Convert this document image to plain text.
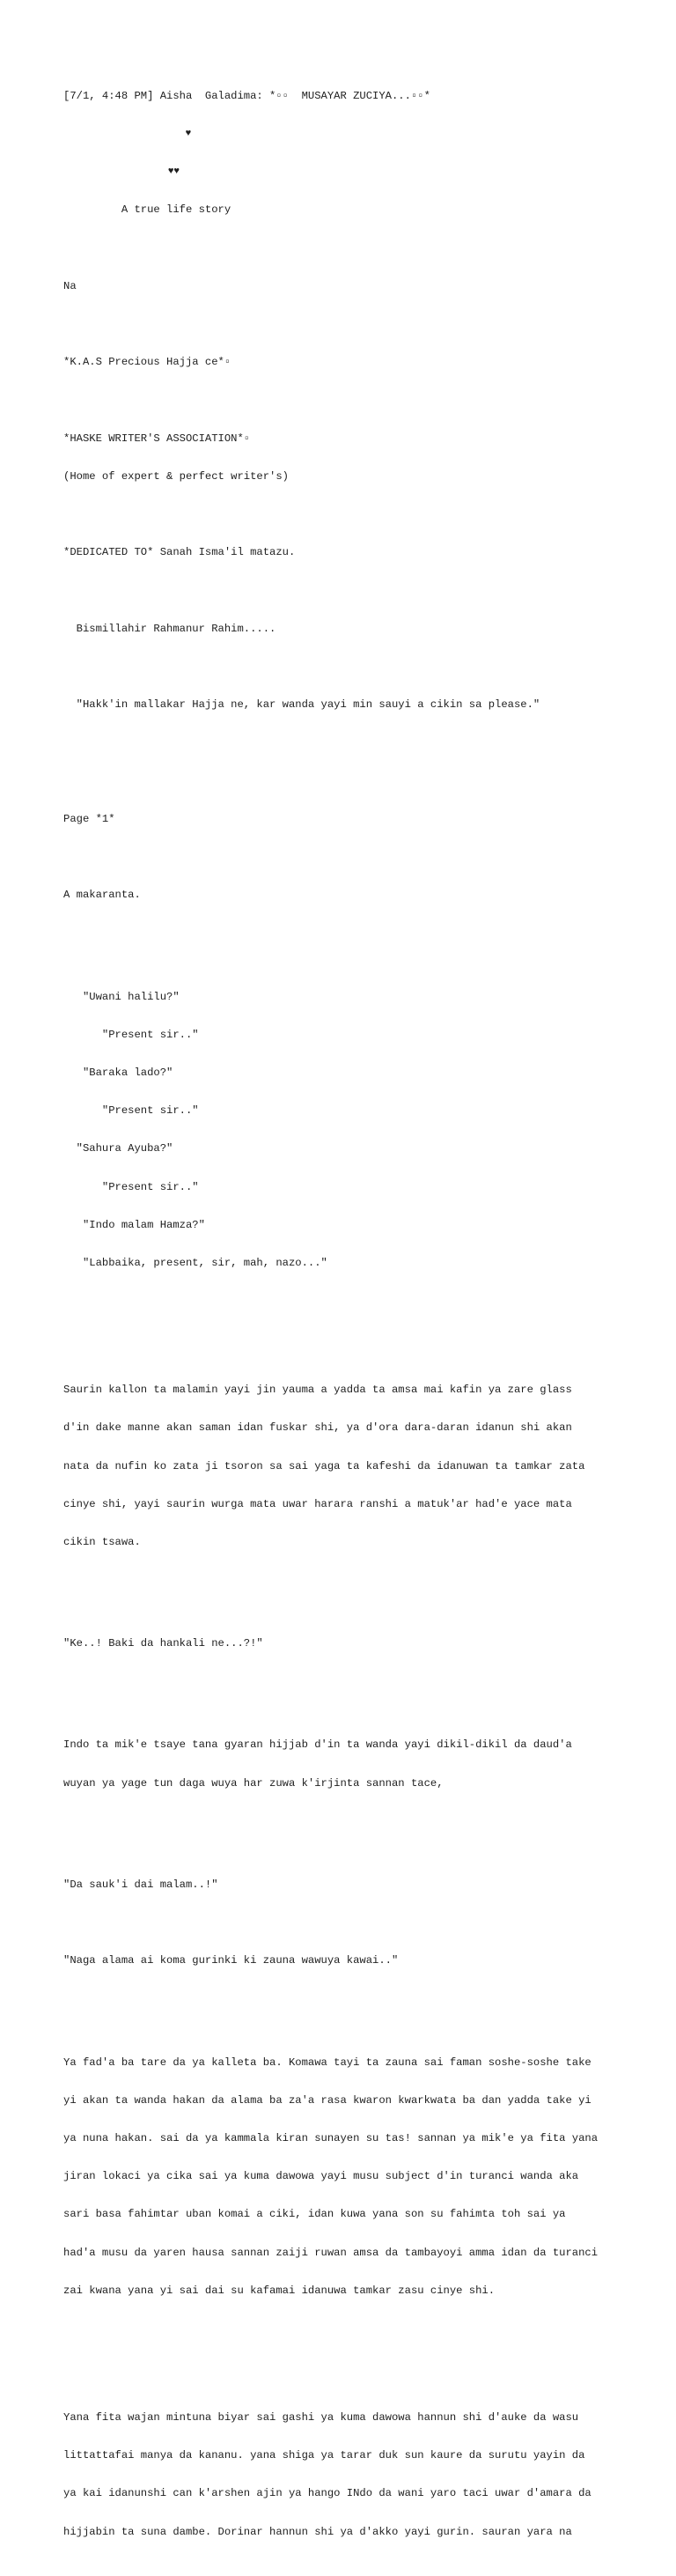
[7/1, 4:48 PM] Aisha  Galadima: *▫▫  MUSAYAR ZUCIYA...▫▫*

♥

♥♥

A true life story

Na

*K.A.S Precious Hajja ce*▫

*HASKE WRITER'S ASSOCIATION*▫

(Home of expert & perfect writer's)

*DEDICATED TO* Sanah Isma'il matazu.

Bismillahir Rahmanur Rahim.....

"Hakk'in mallakar Hajja ne, kar wanda yayi min sauyi a cikin sa please."

Page *1*

A makaranta.

"Uwani halilu?"

"Present sir.."

"Baraka lado?"

"Present sir.."

"Sahura Ayuba?"

"Present sir.."

"Indo malam Hamza?"

"Labbaika, present, sir, mah, nazo..."

Saurin kallon ta malamin yayi jin yauma a yadda ta amsa mai kafin ya zare glass

d'in dake manne akan saman idan fuskar shi, ya d'ora dara-daran idanun shi akan

nata da nufin ko zata ji tsoron sa sai yaga ta kafeshi da idanuwan ta tamkar zata

cinye shi, yayi saurin wurga mata uwar harara ranshi a matuk'ar had'e yace mata

cikin tsawa.

"Ke..! Baki da hankali ne...?!"

Indo ta mik'e tsaye tana gyaran hijjab d'in ta wanda yayi dikil-dikil da daud'a

wuyan ya yage tun daga wuya har zuwa k'irjinta sannan tace,

"Da sauk'i dai malam..!"

"Naga alama ai koma gurinki ki zauna wawuya kawai.."

Ya fad'a ba tare da ya kalleta ba. Komawa tayi ta zauna sai faman soshe-soshe take

yi akan ta wanda hakan da alama ba za'a rasa kwaron kwarkwata ba dan yadda take yi

ya nuna hakan. sai da ya kammala kiran sunayen su tas! sannan ya mik'e ya fita yana

jiran lokaci ya cika sai ya kuma dawowa yayi musu subject d'in turanci wanda aka

sari basa fahimtar uban komai a ciki, idan kuwa yana son su fahimta toh sai ya

had'a musu da yaren hausa sannan zaiji ruwan amsa da tambayoyi amma idan da turanci

zai kwana yana yi sai dai su kafamai idanuwa tamkar zasu cinye shi.

Yana fita wajan mintuna biyar sai gashi ya kuma dawowa hannun shi d'auke da wasu

littattafai manya da kananu. yana shiga ya tarar duk sun kaure da surutu yayin da

ya kai idanunshi can k'arshen ajin ya hango INdo da wani yaro taci uwar d'amara da

hijjabin ta suna dambe. Dorinar hannun shi ya d'akko yayi gurin. sauran yara na
